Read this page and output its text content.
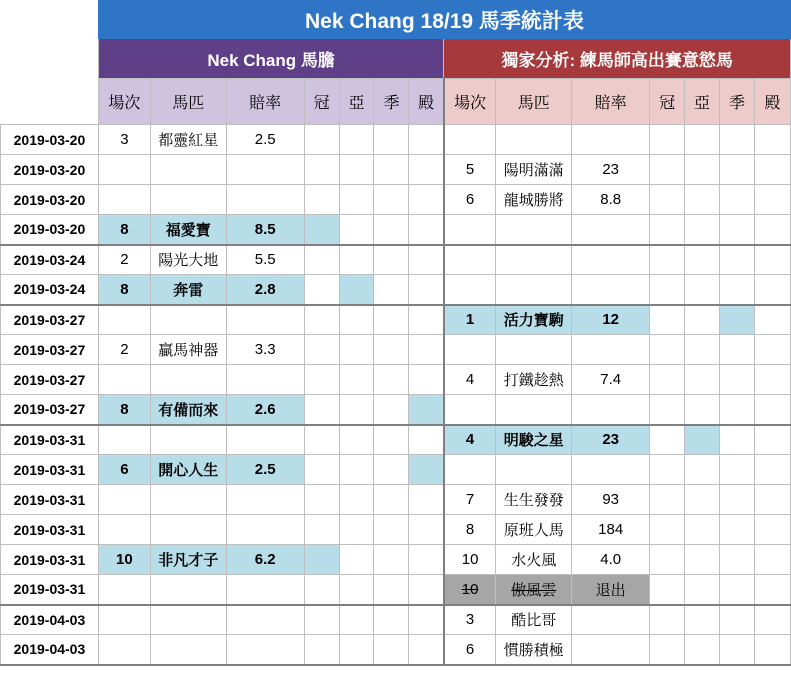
	Nek Chang 18/19 馬季統計表													
	Nek Chang 馬膽							獨家分析: 練馬師高出賽意慾馬						
	場次	馬匹	賠率	冠	亞	季	殿	場次	馬匹	賠率	冠	亞	季	殿
2019-03-20	3	都靈紅星	2.5											
2019-03-20								5	陽明滿滿	23				
2019-03-20								6	龍城勝將	8.8				
2019-03-20	8	福愛寶	8.5											
2019-03-24	2	陽光大地	5.5											
2019-03-24	8	奔雷	2.8											
2019-03-27								1	活力寶駒	12				
2019-03-27	2	贏馬神器	3.3											
2019-03-27								4	打鐵趁熱	7.4				
2019-03-27	8	有備而來	2.6											
2019-03-31								4	明駿之星	23				
2019-03-31	6	開心人生	2.5											
2019-03-31								7	生生發發	93				
2019-03-31								8	原班人馬	184				
2019-03-31	10	非凡才子	6.2					10	水火風	4.0				
2019-03-31								10	傲風雲	退出				
2019-04-03								3	酷比哥					
2019-04-03								6	慣勝積極					
